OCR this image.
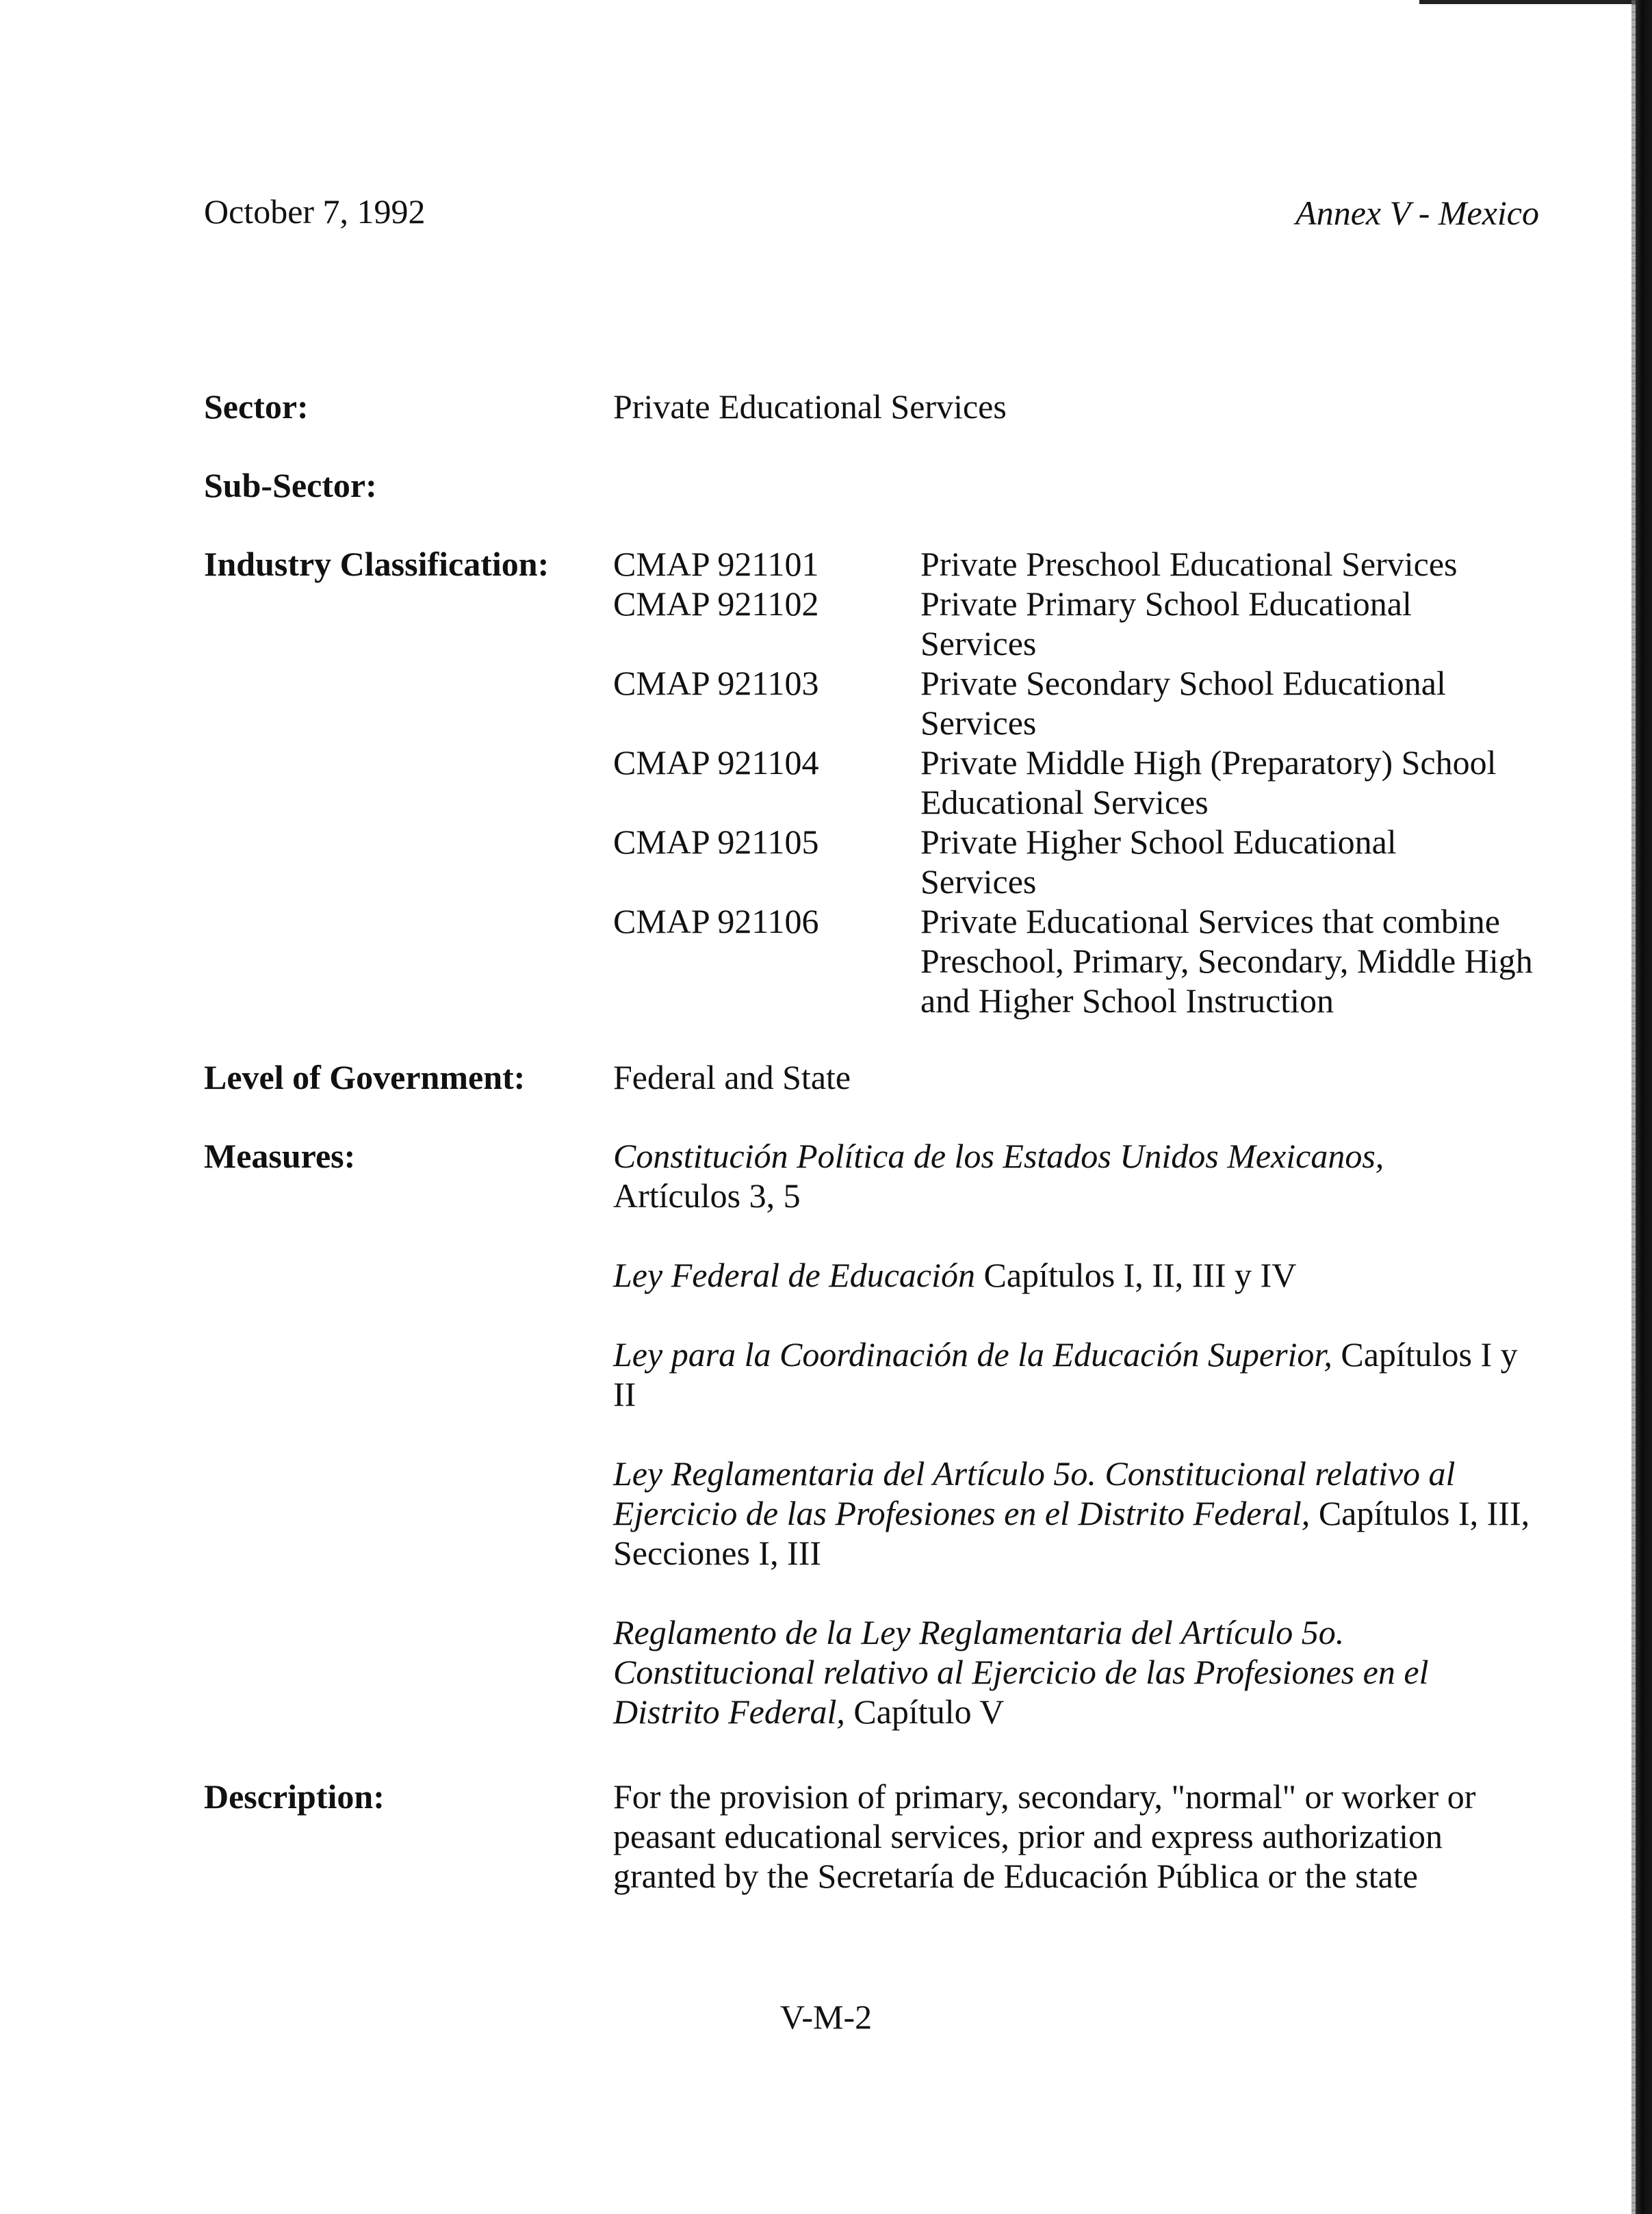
October 7, 1992	Annex V - Mexico
Sector:	Private Educational Services
Sub-Sector:
Industry Classification: CMAP 921101	Private Preschool Educational Services
CMAP 921102	Private Primary School Educational Services
CMAP 921103	Private Secondary School Educational Services
CMAP 921104	Private Middle High (Preparatory) School Educational Services
CMAP 921105	Private Higher School Educational Services
CMAP 921106	Private Educational Services that combine Preschool, Primary, Secondary, Middle High and Higher School Instruction
Level of Government:	Federal and State
Measures:	Constitución Política de los Estados Unidos Mexicanos, Artículos 3, 5
Ley Federal de Educación Capítulos I, II, III y IV
Ley para la Coordinación de la Educación Superior, Capítulos I y II
Ley Reglamentaria del Artículo 5o. Constitucional relativo al Ejercicio de las Profesiones en el Distrito Federal, Capítulos I, III, Secciones I, III
Reglamento de la Ley Reglamentaria del Artículo 5o. Constitucional relativo al Ejercicio de las Profesiones en el Distrito Federal, Capítulo V
Description:	For the provision of primary, secondary, "normal" or worker or peasant educational services, prior and express authorization granted by the Secretaría de Educación Pública or the state
V-M-2
